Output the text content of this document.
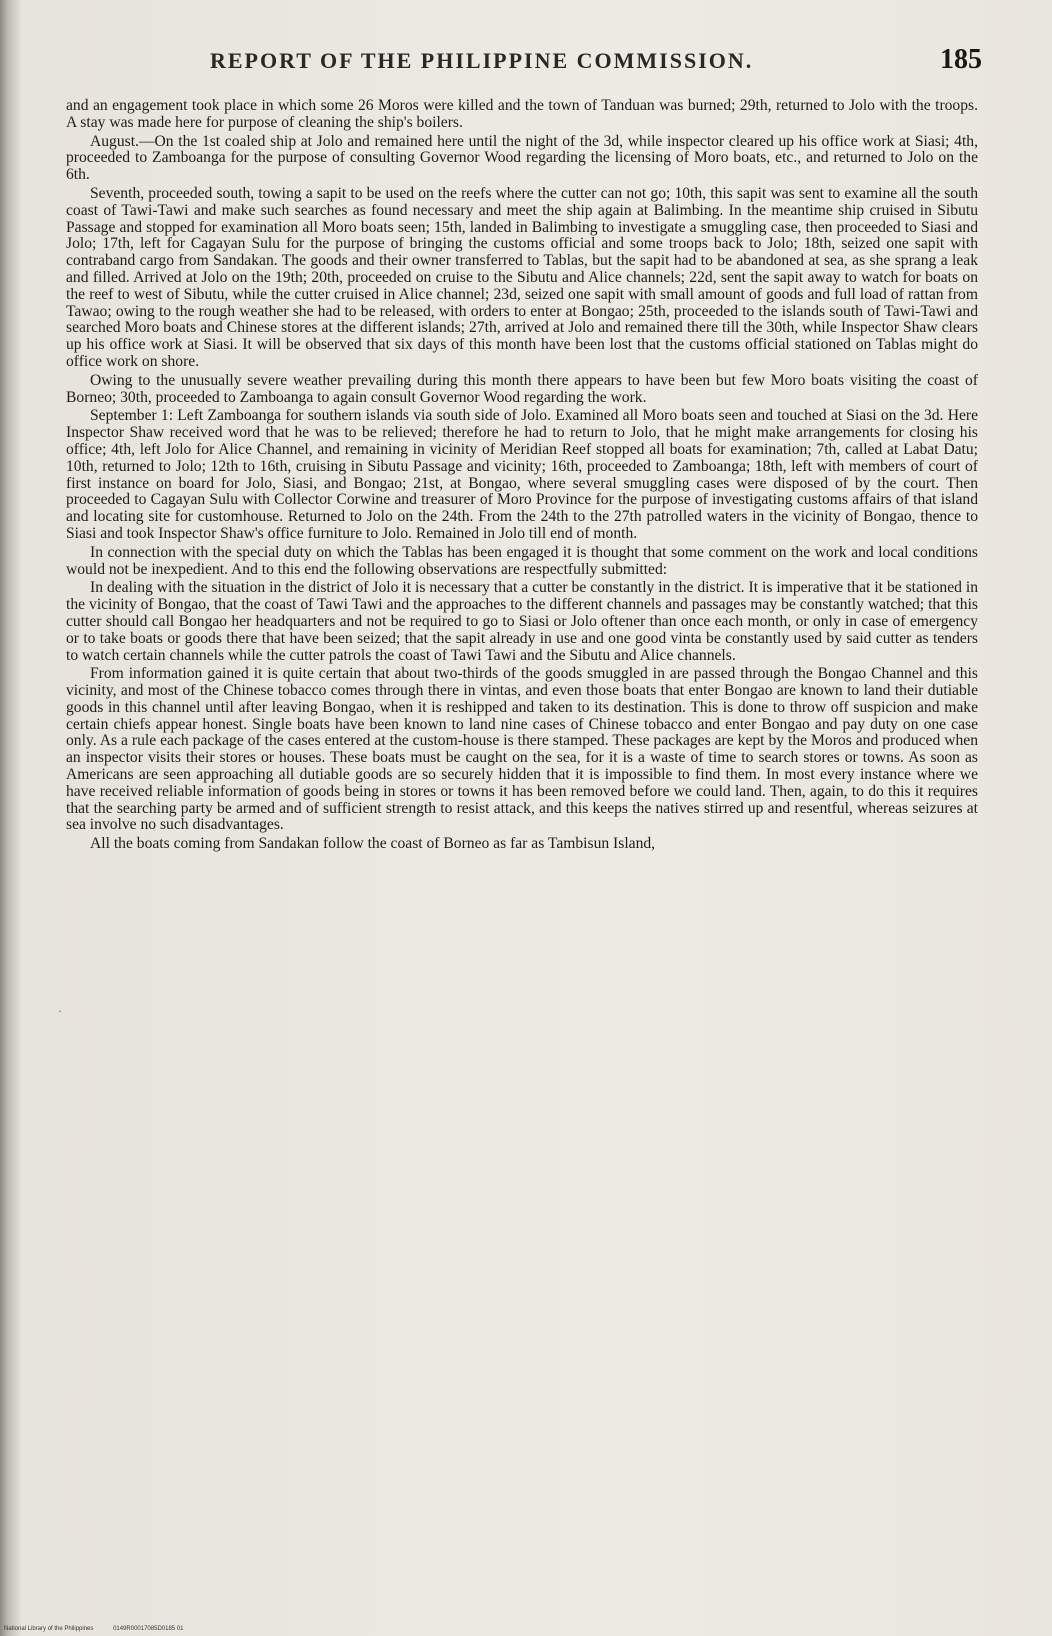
REPORT OF THE PHILIPPINE COMMISSION.	185
·

and an engagement took place in which some 26 Moros were killed and the town of Tanduan was burned; 29th, returned to Jolo with the troops. A stay was made here for purpose of cleaning the ship's boilers.

August.—On the 1st coaled ship at Jolo and remained here until the night of the 3d, while inspector cleared up his office work at Siasi; 4th, proceeded to Zamboanga for the purpose of consulting Governor Wood regarding the licensing of Moro boats, etc., and returned to Jolo on the 6th.

Seventh, proceeded south, towing a sapit to be used on the reefs where the cutter can not go; 10th, this sapit was sent to examine all the south coast of Tawi-Tawi and make such searches as found necessary and meet the ship again at Balimbing. In the meantime ship cruised in Sibutu Passage and stopped for examination all Moro boats seen; 15th, landed in Balimbing to investigate a smuggling case, then proceeded to Siasi and Jolo; 17th, left for Cagayan Sulu for the purpose of bringing the customs official and some troops back to Jolo; 18th, seized one sapit with contraband cargo from Sandakan. The goods and their owner transferred to Tablas, but the sapit had to be abandoned at sea, as she sprang a leak and filled. Arrived at Jolo on the 19th; 20th, proceeded on cruise to the Sibutu and Alice channels; 22d, sent the sapit away to watch for boats on the reef to west of Sibutu, while the cutter cruised in Alice channel; 23d, seized one sapit with small amount of goods and full load of rattan from Tawao; owing to the rough weather she had to be released, with orders to enter at Bongao; 25th, proceeded to the islands south of Tawi-Tawi and searched Moro boats and Chinese stores at the different islands; 27th, arrived at Jolo and remained there till the 30th, while Inspector Shaw clears up his office work at Siasi. It will be observed that six days of this month have been lost that the customs official stationed on Tablas might do office work on shore.

Owing to the unusually severe weather prevailing during this month there appears to have been but few Moro boats visiting the coast of Borneo; 30th, proceeded to Zamboanga to again consult Governor Wood regarding the work.

September 1: Left Zamboanga for southern islands via south side of Jolo. Examined all Moro boats seen and touched at Siasi on the 3d. Here Inspector Shaw received word that he was to be relieved; therefore he had to return to Jolo, that he might make arrangements for closing his office; 4th, left Jolo for Alice Channel, and remaining in vicinity of Meridian Reef stopped all boats for examination; 7th, called at Labat Datu; 10th, returned to Jolo; 12th to 16th, cruising in Sibutu Passage and vicinity; 16th, proceeded to Zamboanga; 18th, left with members of court of first instance on board for Jolo, Siasi, and Bongao; 21st, at Bongao, where several smuggling cases were disposed of by the court. Then proceeded to Cagayan Sulu with Collector Corwine and treasurer of Moro Province for the purpose of investigating customs affairs of that island and locating site for customhouse. Returned to Jolo on the 24th. From the 24th to the 27th patrolled waters in the vicinity of Bongao, thence to Siasi and took Inspector Shaw's office furniture to Jolo. Remained in Jolo till end of month.

In connection with the special duty on which the Tablas has been engaged it is thought that some comment on the work and local conditions would not be inexpedient. And to this end the following observations are respectfully submitted:

In dealing with the situation in the district of Jolo it is necessary that a cutter be constantly in the district. It is imperative that it be stationed in the vicinity of Bongao, that the coast of Tawi Tawi and the approaches to the different channels and passages may be constantly watched; that this cutter should call Bongao her headquarters and not be required to go to Siasi or Jolo oftener than once each month, or only in case of emergency or to take boats or goods there that have been seized; that the sapit already in use and one good vinta be constantly used by said cutter as tenders to watch certain channels while the cutter patrols the coast of Tawi Tawi and the Sibutu and Alice channels.

From information gained it is quite certain that about two-thirds of the goods smuggled in are passed through the Bongao Channel and this vicinity, and most of the Chinese tobacco comes through there in vintas, and even those boats that enter Bongao are known to land their dutiable goods in this channel until after leaving Bongao, when it is reshipped and taken to its destination. This is done to throw off suspicion and make certain chiefs appear honest. Single boats have been known to land nine cases of Chinese tobacco and enter Bongao and pay duty on one case only. As a rule each package of the cases entered at the custom-house is there stamped. These packages are kept by the Moros and produced when an inspector visits their stores or houses. These boats must be caught on the sea, for it is a waste of time to search stores or towns. As soon as Americans are seen approaching all dutiable goods are so securely hidden that it is impossible to find them. In most every instance where we have received reliable information of goods being in stores or towns it has been removed before we could land. Then, again, to do this it requires that the searching party be armed and of sufficient strength to resist attack, and this keeps the natives stirred up and resentful, whereas seizures at sea involve no such disadvantages.

All the boats coming from Sandakan follow the coast of Borneo as far as Tambisun Island,

National Library of the Philippines	0149R00017085D0185 01
